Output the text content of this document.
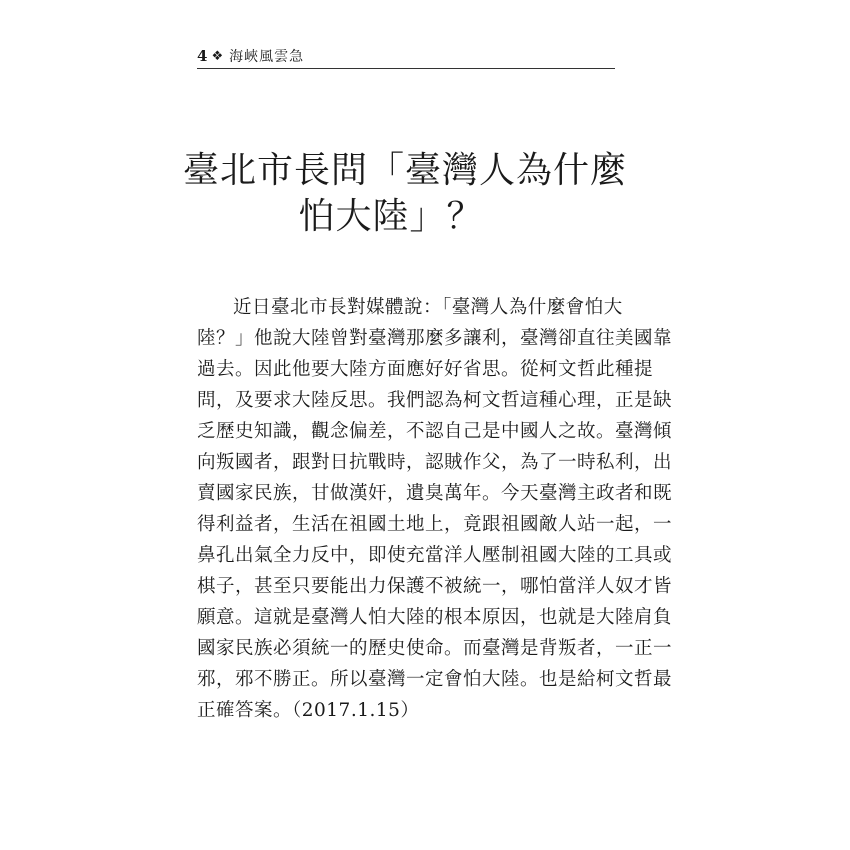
4 ❖ 海峽風雲急
臺北市長問「臺灣人為什麼
怕大陸」？
近日臺北市長對媒體說：「臺灣人為什麼會怕大
陸？」他說大陸曾對臺灣那麼多讓利，臺灣卻直往美國靠
過去。因此他要大陸方面應好好省思。從柯文哲此種提
問，及要求大陸反思。我們認為柯文哲這種心理，正是缺
乏歷史知識，觀念偏差，不認自己是中國人之故。臺灣傾
向叛國者，跟對日抗戰時，認賊作父，為了一時私利，出
賣國家民族，甘做漢奸，遺臭萬年。今天臺灣主政者和既
得利益者，生活在祖國土地上，竟跟祖國敵人站一起，一
鼻孔出氣全力反中，即使充當洋人壓制祖國大陸的工具或
棋子，甚至只要能出力保護不被統一，哪怕當洋人奴才皆
願意。這就是臺灣人怕大陸的根本原因，也就是大陸肩負
國家民族必須統一的歷史使命。而臺灣是背叛者，一正一
邪，邪不勝正。所以臺灣一定會怕大陸。也是給柯文哲最
正確答案。（2017.1.15）
